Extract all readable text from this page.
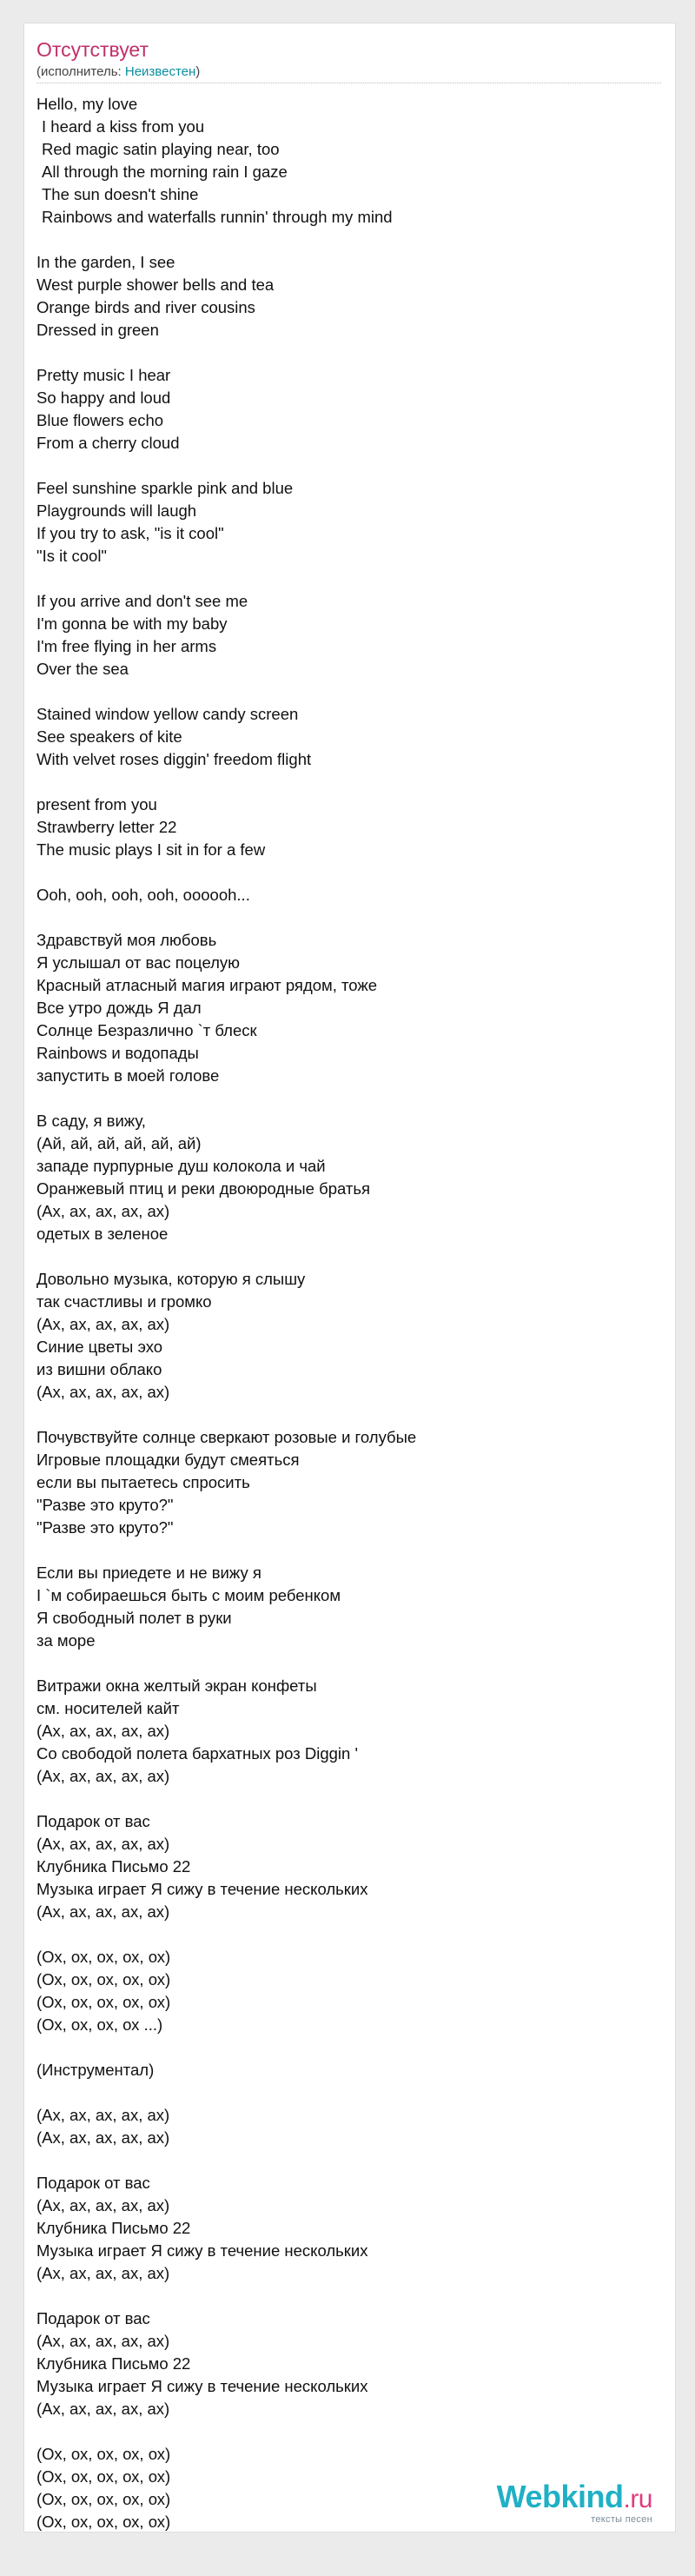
Отсутствует
(исполнитель: Неизвестен)
Hello, my love
I heard a kiss from you
Red magic satin playing near, too
All through the morning rain I gaze
The sun doesn't shine
Rainbows and waterfalls runnin' through my mind
In the garden, I see
West purple shower bells and tea
Orange birds and river cousins
Dressed in green
Pretty music I hear
So happy and loud
Blue flowers echo
From a cherry cloud
Feel sunshine sparkle pink and blue
Playgrounds will laugh
If you try to ask, "is it cool"
"Is it cool"
If you arrive and don't see me
I'm gonna be with my baby
I'm free flying in her arms
Over the sea
Stained window yellow candy screen
See speakers of kite
With velvet roses diggin' freedom flight
present from you
Strawberry letter 22
The music plays I sit in for a few
Ooh, ooh, ooh, ooh, oooooh...
Здравствуй моя любовь
Я услышал от вас поцелую
Красный атласный магия играют рядом, тоже
Все утро дождь Я дал
Солнце Безразлично `т блеск
Rainbows и водопады
запустить в моей голове
В саду, я вижу,
(Ай, ай, ай, ай, ай, ай)
западе пурпурные душ колокола и чай
Оранжевый птиц и реки двоюродные братья
(Ах, ах, ах, ах, ах)
одетых в зеленое
Довольно музыка, которую я слышу
так счастливы и громко
(Ах, ах, ах, ах, ах)
Синие цветы эхо
из вишни облако
(Ах, ах, ах, ах, ах)
Почувствуйте солнце сверкают розовые и голубые
Игровые площадки будут смеяться
если вы пытаетесь спросить
"Разве это круто?"
"Разве это круто?"
Если вы приедете и не вижу я
I `м собираешься быть с моим ребенком
Я свободный полет в руки
за море
Витражи окна желтый экран конфеты
см. носителей кайт
(Ах, ах, ах, ах, ах)
Со свободой полета бархатных роз Diggin '
(Ах, ах, ах, ах, ах)
Подарок от вас
(Ах, ах, ах, ах, ах)
Клубника Письмо 22
Музыка играет Я сижу в течение нескольких
(Ах, ах, ах, ах, ах)
(Ох, ох, ох, ох, ох)
(Ох, ох, ох, ох, ох)
(Ох, ох, ох, ох, ох)
(Ох, ох, ох, ох ...)
(Инструментал)
(Ах, ах, ах, ах, ах)
(Ах, ах, ах, ах, ах)
Подарок от вас
(Ах, ах, ах, ах, ах)
Клубника Письмо 22
Музыка играет Я сижу в течение нескольких
(Ах, ах, ах, ах, ах)
Подарок от вас
(Ах, ах, ах, ах, ах)
Клубника Письмо 22
Музыка играет Я сижу в течение нескольких
(Ах, ах, ах, ах, ах)
(Ох, ох, ох, ох, ох)
(Ох, ох, ох, ох, ох)
(Ох, ох, ох, ох, ох)
(Ох, ох, ох, ох, ох)
Webkind.ru
тексты песен
